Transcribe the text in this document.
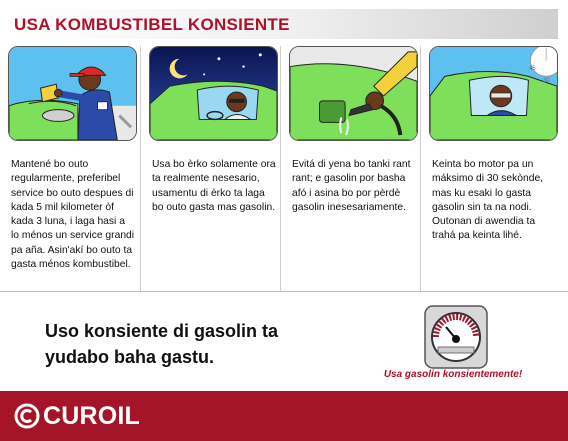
USA KOMBUSTIBEL KONSIENTE
Mantené bo outo regularmente, preferibel service bo outo despues di kada 5 mil kilometer òf kada 3 luna, i laga hasi a lo ménos un service grandi pa aña. Asin'akí bo outo ta gasta ménos kombustibel.
Usa bo èrko solamente ora ta realmente nesesario, usamentu di èrko ta laga bo outo gasta mas gasolin.
Evitá di yena bo tanki rant rant; e gasolin por basha afó i asina bo por pèrdè gasolin inesesariamente.
45
30
Keinta bo motor pa un máksimo di 30 sekònde, mas ku esaki lo gasta gasolin sin ta na nodi. Outonan di awendia ta trahá pa keinta lihé.
Uso konsiente di gasolin ta yudabo baha gastu.
Usa gasolin konsientemente!
CUROIL
